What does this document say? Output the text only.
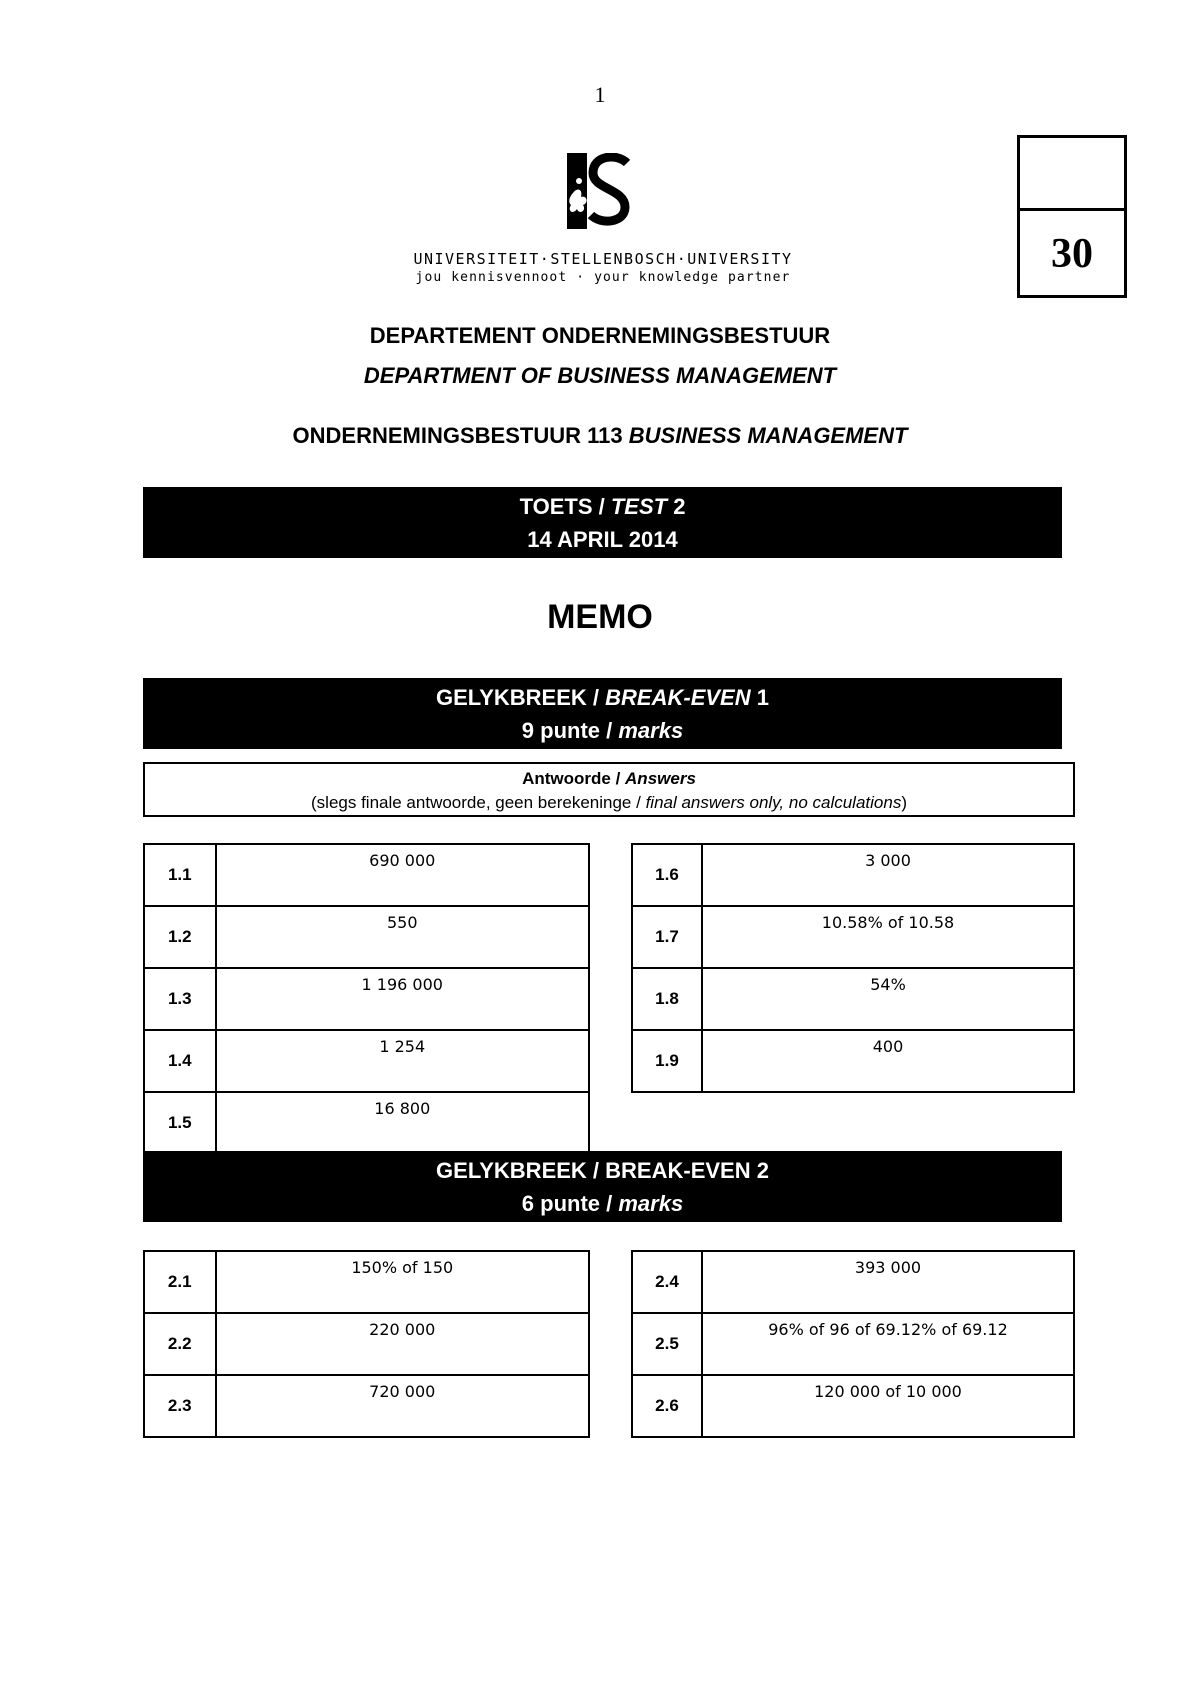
1
UNIVERSITEIT·STELLENBOSCH·UNIVERSITY
jou kennisvennoot · your knowledge partner
30
DEPARTEMENT ONDERNEMINGSBESTUUR
DEPARTMENT OF BUSINESS MANAGEMENT
ONDERNEMINGSBESTUUR 113 BUSINESS MANAGEMENT
TOETS / TEST 2
14 APRIL 2014
MEMO
GELYKBREEK / BREAK-EVEN 1
9 punte / marks
Antwoorde / Answers
(slegs finale antwoorde, geen berekeninge / final answers only, no calculations)
1.1	690 000
1.2	550
1.3	1 196 000
1.4	1 254
1.5	16 800
1.6	3 000
1.7	10.58% of 10.58
1.8	54%
1.9	400
GELYKBREEK / BREAK-EVEN 2
6 punte / marks
2.1	150% of 150
2.2	220 000
2.3	720 000
2.4	393 000
2.5	96% of 96 of 69.12% of 69.12
2.6	120 000 of 10 000
